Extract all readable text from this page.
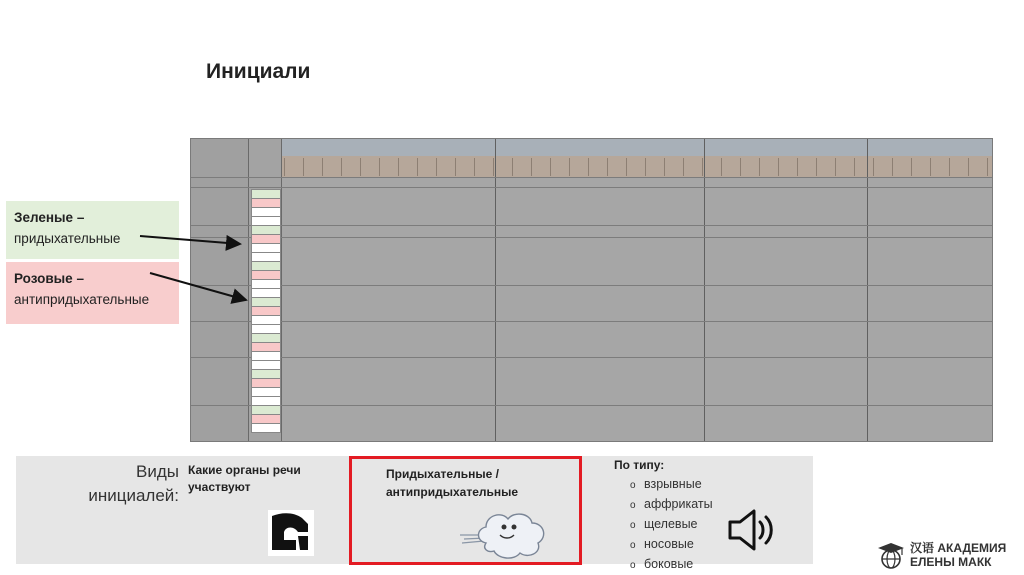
Инициали
Зеленые –
придыхательные
Розовые –
антипридыхательные
Виды
инициалей:
Какие органы речи
участвуют
По типу:
o взрывные
o аффрикаты
o щелевые
o носовые
o боковые
Придыхательные /
антипридыхательные
汉语 АКАДЕМИЯ
ЕЛЕНЫ МАКК
